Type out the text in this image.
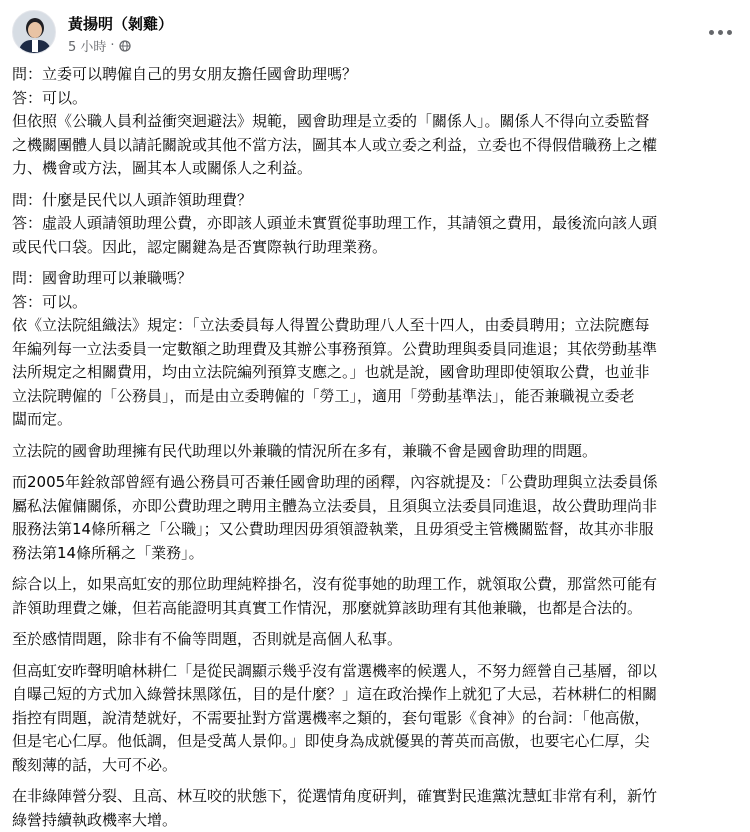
黃揚明（剝雞）
5 小時 ·

問：立委可以聘僱自己的男女朋友擔任國會助理嗎？

答：可以。

但依照《公職人員利益衝突迴避法》規範，國會助理是立委的「關係人」。關係人不得向立委監督

之機關團體人員以請託關說或其他不當方法，圖其本人或立委之利益，立委也不得假借職務上之權

力、機會或方法，圖其本人或關係人之利益。

問：什麼是民代以人頭詐領助理費？

答：虛設人頭請領助理公費，亦即該人頭並未實質從事助理工作，其請領之費用，最後流向該人頭

或民代口袋。因此，認定關鍵為是否實際執行助理業務。

問：國會助理可以兼職嗎？

答：可以。

依《立法院組織法》規定：「立法委員每人得置公費助理八人至十四人，由委員聘用；立法院應每

年編列每一立法委員一定數額之助理費及其辦公事務預算。公費助理與委員同進退；其依勞動基準

法所規定之相關費用，均由立法院編列預算支應之。」也就是說，國會助理即使領取公費，也並非

立法院聘僱的「公務員」，而是由立委聘僱的「勞工」，適用「勞動基準法」，能否兼職視立委老

闆而定。

立法院的國會助理擁有民代助理以外兼職的情況所在多有，兼職不會是國會助理的問題。

而2005年銓敘部曾經有過公務員可否兼任國會助理的函釋，內容就提及：「公費助理與立法委員係

屬私法僱傭關係，亦即公費助理之聘用主體為立法委員，且須與立法委員同進退，故公費助理尚非

服務法第14條所稱之「公職」；又公費助理因毋須領證執業，且毋須受主管機關監督，故其亦非服

務法第14條所稱之「業務」。

綜合以上，如果高虹安的那位助理純粹掛名，沒有從事她的助理工作，就領取公費，那當然可能有

詐領助理費之嫌，但若高能證明其真實工作情況，那麼就算該助理有其他兼職，也都是合法的。

至於感情問題，除非有不倫等問題，否則就是高個人私事。

但高虹安昨聲明嗆林耕仁「是從民調顯示幾乎沒有當選機率的候選人，不努力經營自己基層，卻以

自曝己短的方式加入綠營抹黑隊伍，目的是什麼？」這在政治操作上就犯了大忌，若林耕仁的相關

指控有問題，說清楚就好，不需要扯對方當選機率之類的，套句電影《食神》的台詞：「他高傲，

但是宅心仁厚。他低調，但是受萬人景仰。」即使身為成就優異的菁英而高傲，也要宅心仁厚，尖

酸刻薄的話，大可不必。

在非綠陣營分裂、且高、林互咬的狀態下，從選情角度研判，確實對民進黨沈慧虹非常有利，新竹

綠營持續執政機率大增。
